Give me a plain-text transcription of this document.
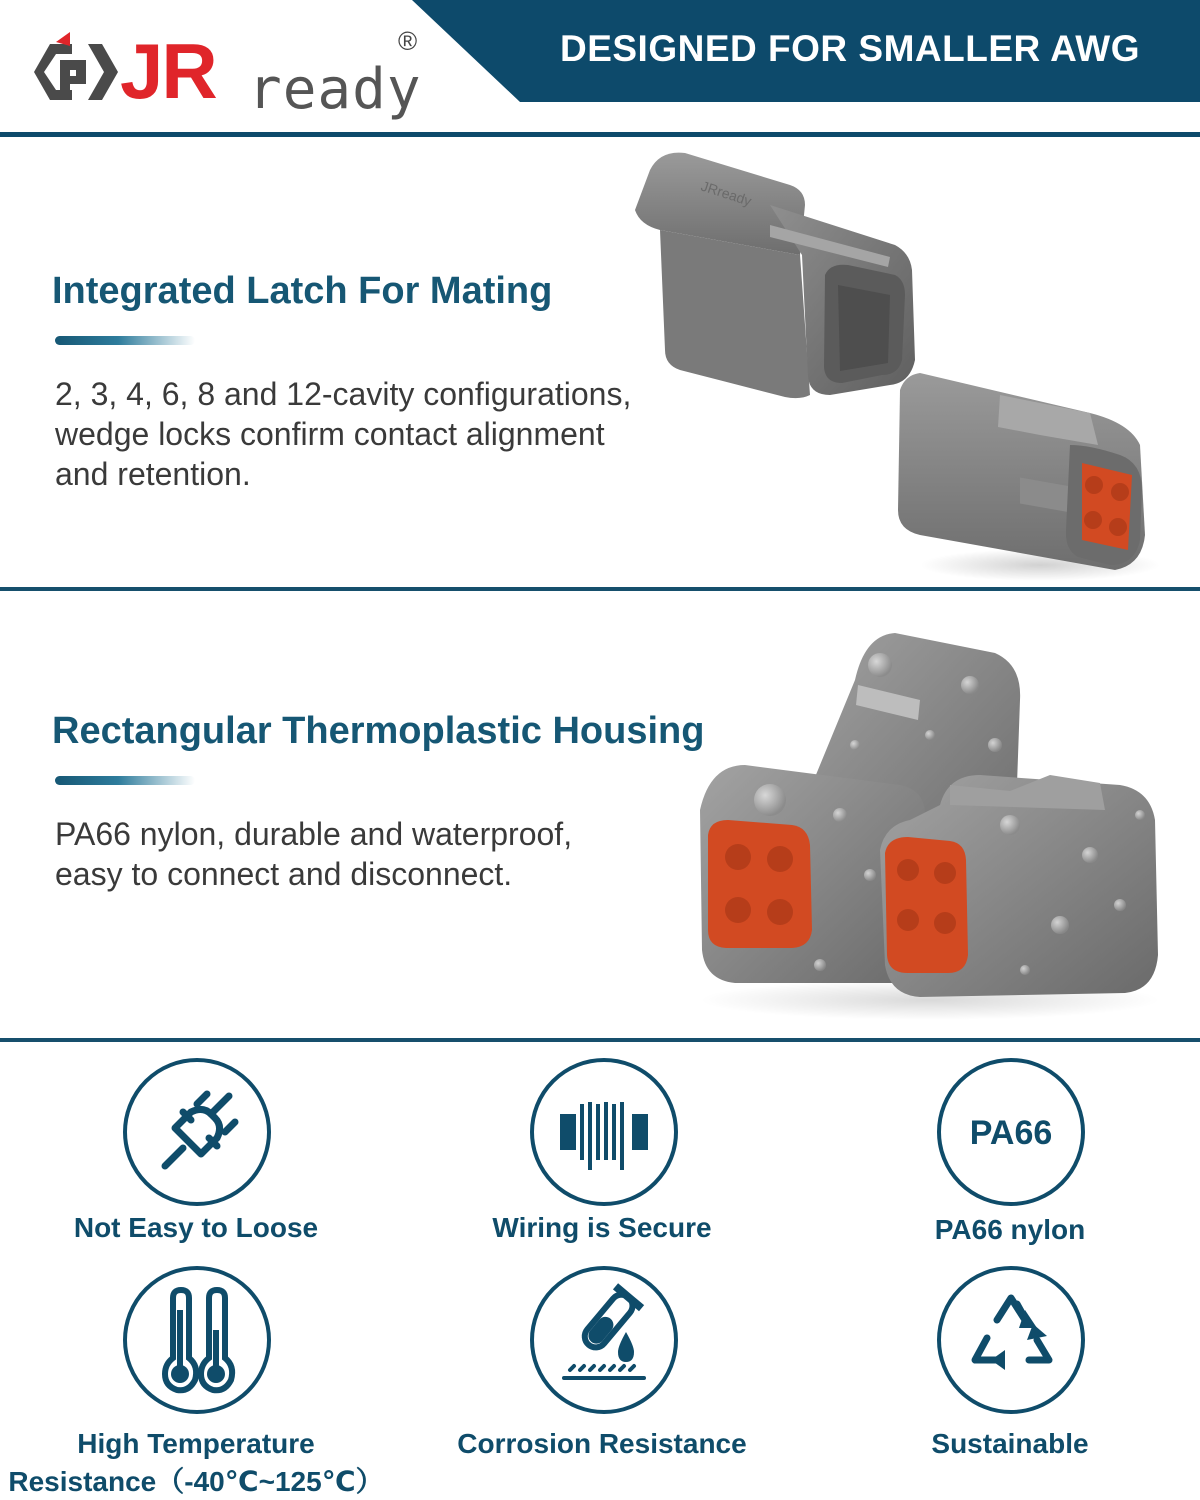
JR ready
®	DESIGNED FOR SMALLER AWG
Integrated Latch For Mating
2, 3, 4, 6, 8 and 12-cavity configurations,
wedge locks confirm contact alignment
and retention.
JRready
Rectangular Thermoplastic Housing
PA66 nylon, durable and waterproof,
easy to connect and disconnect.
Not Easy to Loose	Wiring is Secure
PA66
PA66 nylon
High Temperature
Resistance（-40℃~125℃）
Corrosion Resistance	Sustainable
